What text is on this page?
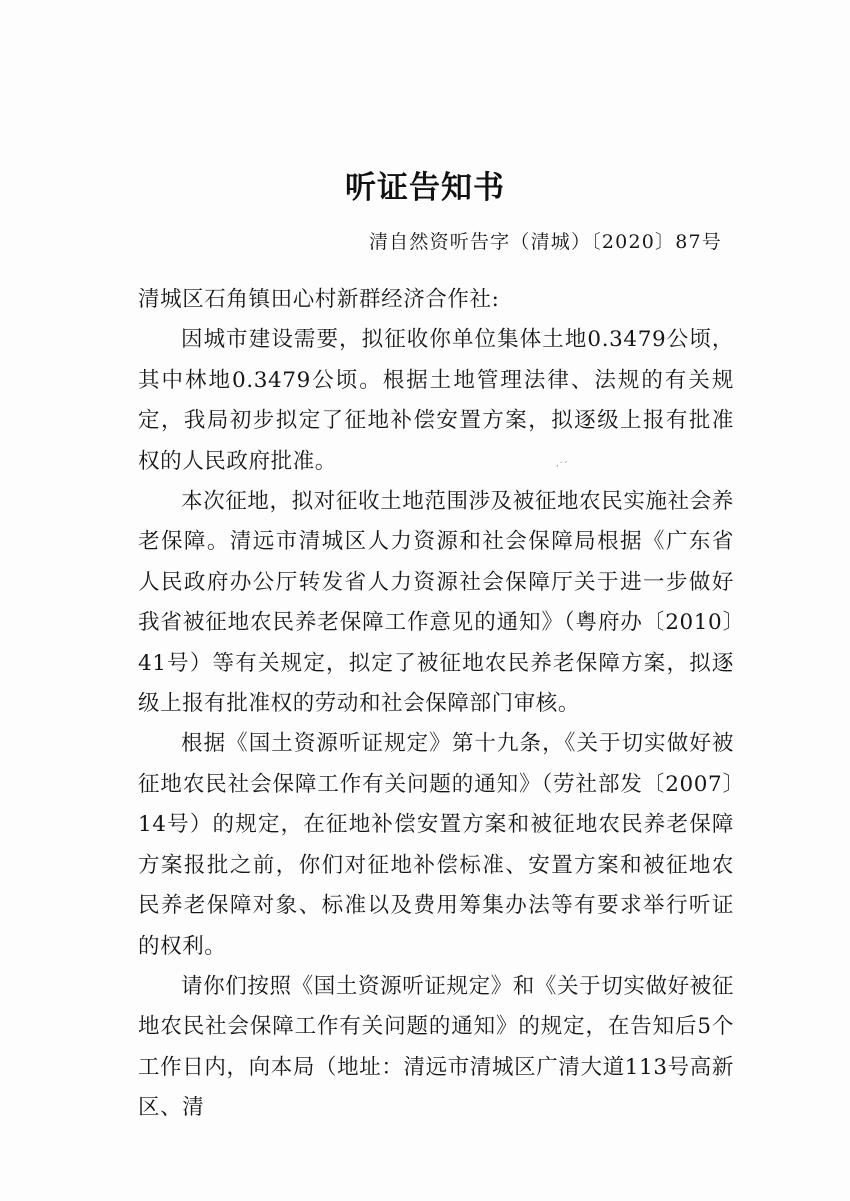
听证告知书
清自然资听告字（清城）〔2020〕87号

清城区石角镇田心村新群经济合作社:

因城市建设需要，拟征收你单位集体土地0.3479公顷，其中林地0.3479公顷。根据土地管理法律、法规的有关规定，我局初步拟定了征地补偿安置方案，拟逐级上报有批准权的人民政府批准。

本次征地，拟对征收土地范围涉及被征地农民实施社会养老保障。清远市清城区人力资源和社会保障局根据《广东省人民政府办公厅转发省人力资源社会保障厅关于进一步做好我省被征地农民养老保障工作意见的通知》（粤府办〔2010〕41号）等有关规定，拟定了被征地农民养老保障方案，拟逐级上报有批准权的劳动和社会保障部门审核。

根据《国土资源听证规定》第十九条，《关于切实做好被征地农民社会保障工作有关问题的通知》（劳社部发〔2007〕14号）的规定，在征地补偿安置方案和被征地农民养老保障方案报批之前，你们对征地补偿标准、安置方案和被征地农民养老保障对象、标准以及费用筹集办法等有要求举行听证的权利。

请你们按照《国土资源听证规定》和《关于切实做好被征地农民社会保障工作有关问题的通知》的规定，在告知后5个工作日内，向本局（地址：清远市清城区广清大道113号高新区、清

·˙ˊ
